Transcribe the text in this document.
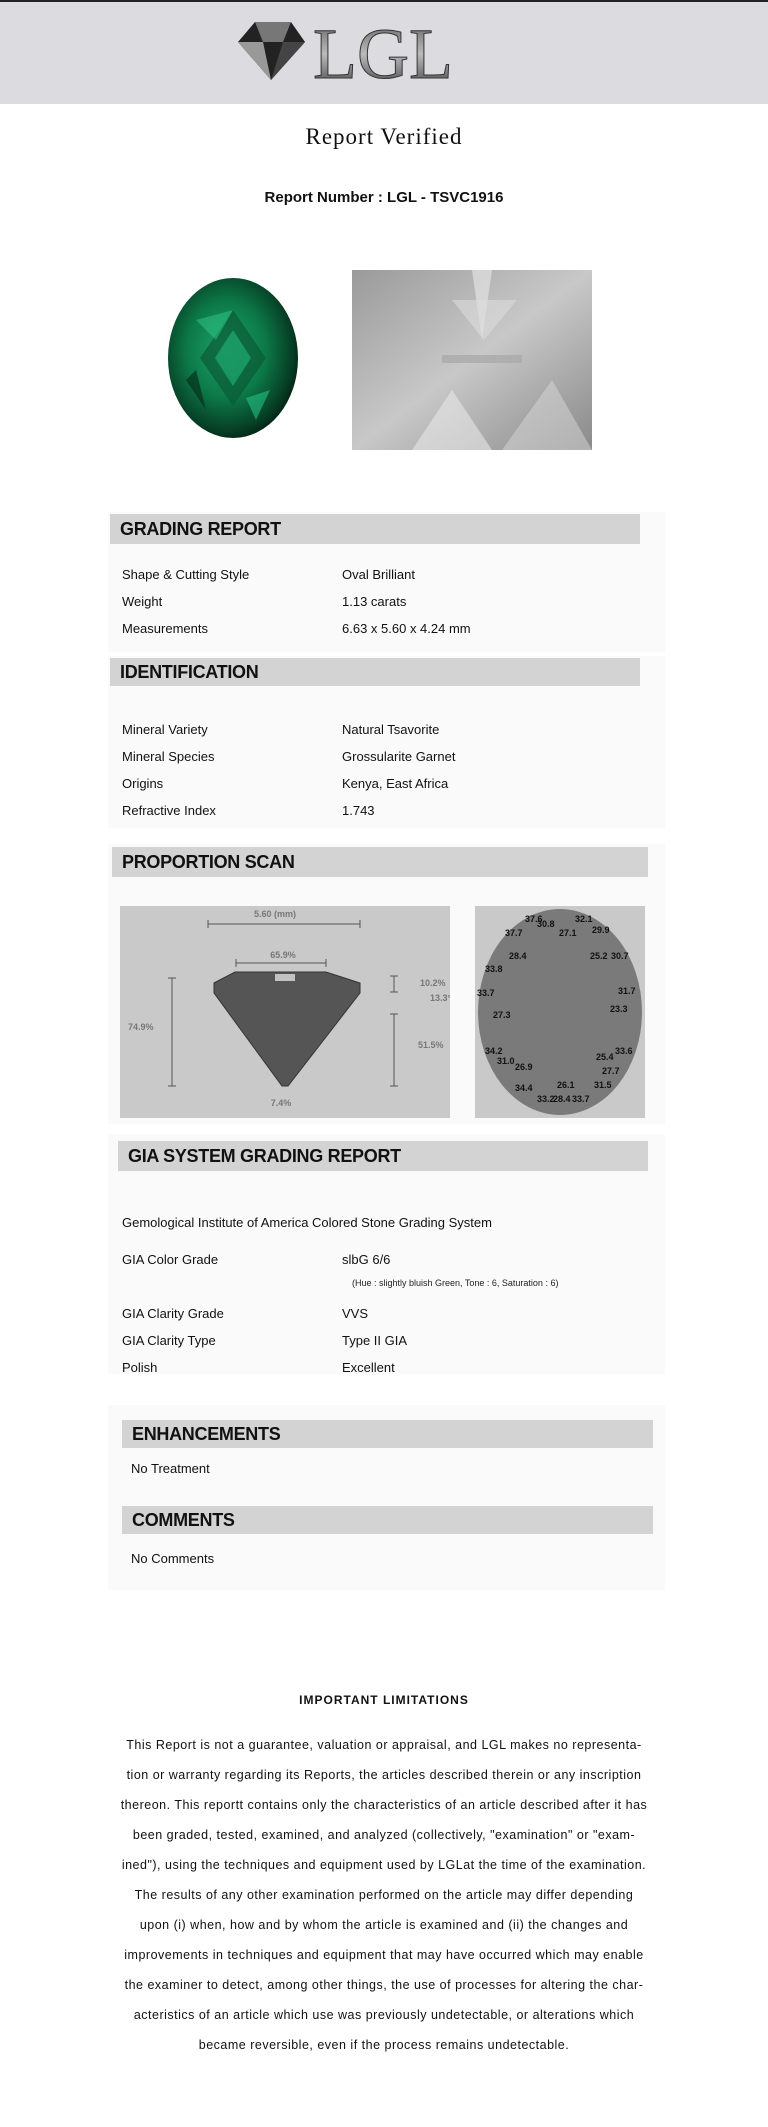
LGL
Report Verified
Report Number : LGL - TSVC1916
GRADING REPORT
Shape & Cutting Style	Oval Brilliant
Weight	1.13 carats
Measurements	6.63 x 5.60 x 4.24 mm
IDENTIFICATION
Mineral Variety	Natural Tsavorite
Mineral Species	Grossularite Garnet
Origins	Kenya, East Africa
Refractive Index	1.743
PROPORTION SCAN
5.60 (mm)
65.9%
74.9%
10.2%
13.3°
51.5%
7.4%
37.6
30.8 32.1
37.7	27.1 29.9
33.8
28.4	25.2 30.7
33.7	31.7
27.3
23.3
34.2
31.0
26.9
25.4
33.6
27.7
34.4	26.1 31.5
33.2
28.4 33.7
GIA SYSTEM GRADING REPORT
Gemological Institute of America Colored Stone Grading System
GIA Color Grade	slbG 6/6
(Hue : slightly bluish Green, Tone : 6, Saturation : 6)
GIA Clarity Grade	VVS
GIA Clarity Type	Type II GIA
Polish	Excellent
ENHANCEMENTS
No Treatment
COMMENTS
No Comments
IMPORTANT LIMITATIONS
This Report is not a guarantee, valuation or appraisal, and LGL makes no representa-
tion or warranty regarding its Reports, the articles described therein or any inscription
thereon. This reportt contains only the characteristics of an article described after it has
been graded, tested, examined, and analyzed (collectively, "examination" or "exam-
ined"), using the techniques and equipment used by LGLat the time of the examination.
The results of any other examination performed on the article may differ depending
upon (i) when, how and by whom the article is examined and (ii) the changes and
improvements in techniques and equipment that may have occurred which may enable
the examiner to detect, among other things, the use of processes for altering the char-
acteristics of an article which use was previously undetectable, or alterations which
became reversible, even if the process remains undetectable.
